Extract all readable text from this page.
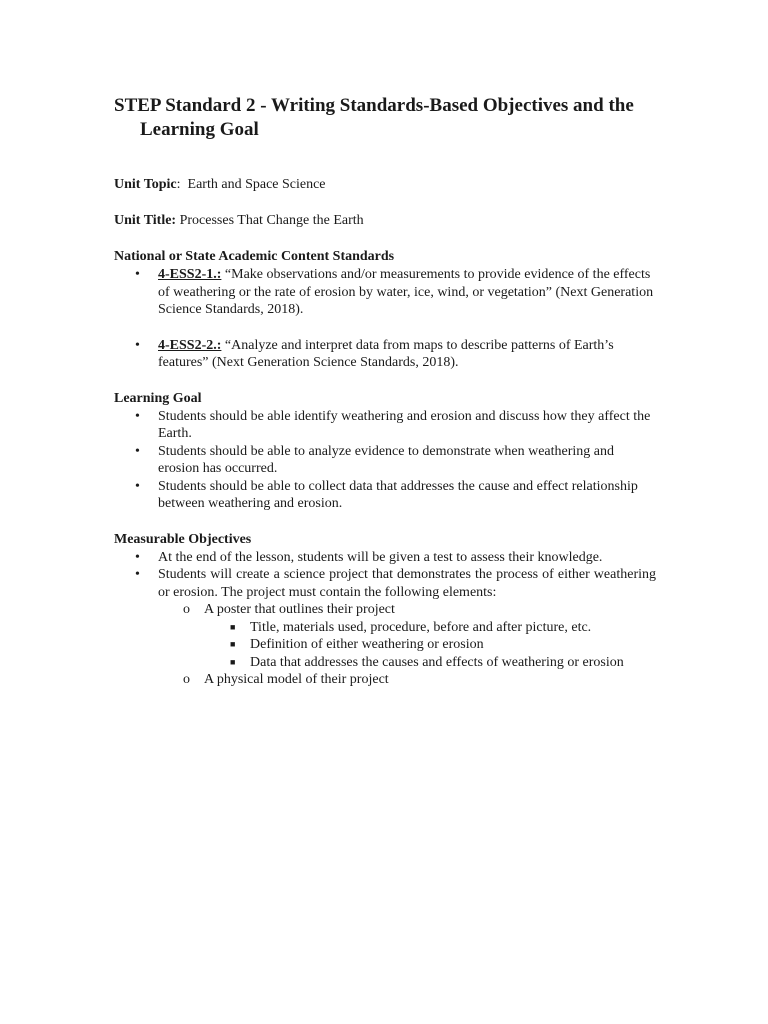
STEP Standard 2 - Writing Standards-Based Objectives and the Learning Goal

Unit Topic:  Earth and Space Science

Unit Title: Processes That Change the Earth

National or State Academic Content Standards

• 4-ESS2-1.: “Make observations and/or measurements to provide evidence of the effects of weathering or the rate of erosion by water, ice, wind, or vegetation” (Next Generation Science Standards, 2018).
• 4-ESS2-2.: “Analyze and interpret data from maps to describe patterns of Earth’s features” (Next Generation Science Standards, 2018).

Learning Goal

• Students should be able identify weathering and erosion and discuss how they affect the Earth.
• Students should be able to analyze evidence to demonstrate when weathering and erosion has occurred.
• Students should be able to collect data that addresses the cause and effect relationship between weathering and erosion.

Measurable Objectives

• At the end of the lesson, students will be given a test to assess their knowledge.
• Students will create a science project that demonstrates the process of either weathering or erosion. The project must contain the following elements:
o A poster that outlines their project
■ Title, materials used, procedure, before and after picture, etc.
■ Definition of either weathering or erosion
■ Data that addresses the causes and effects of weathering or erosion
o A physical model of their project
